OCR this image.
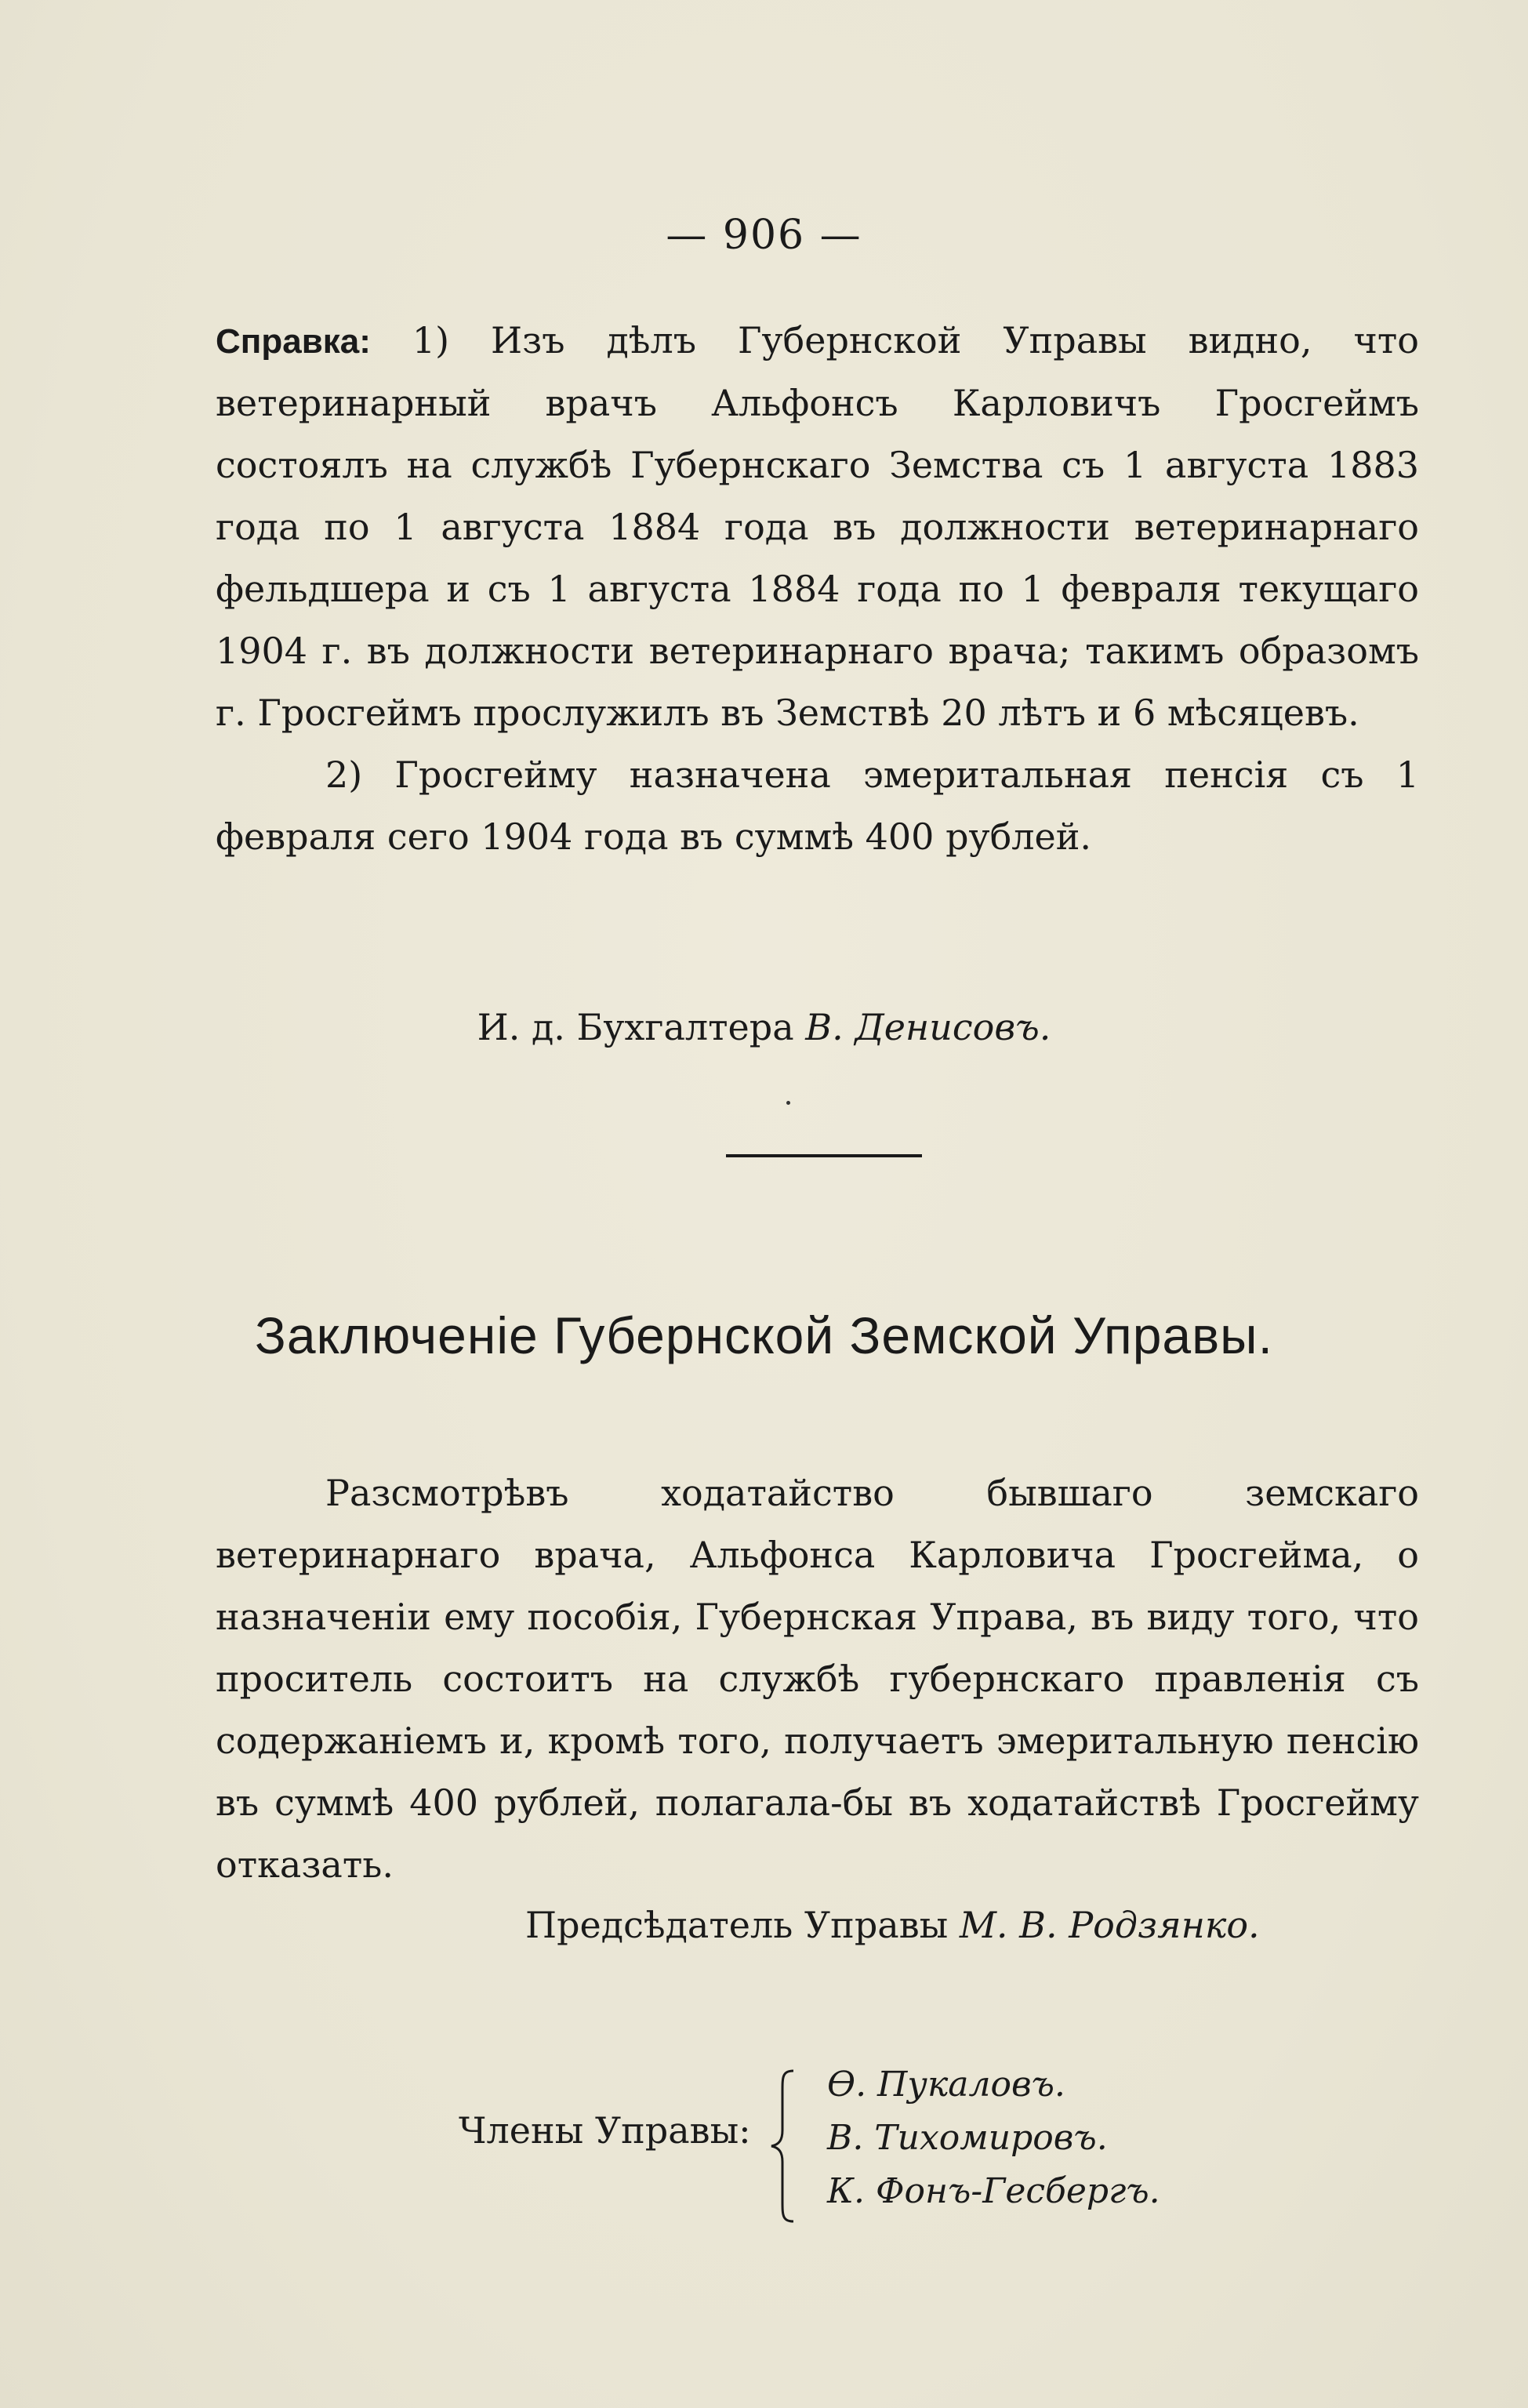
— 906 —

Справка: 1) Изъ дѣлъ Губернской Управы видно, что ветеринарный врачъ Альфонсъ Карловичъ Гросгеймъ состоялъ на службѣ Губернскаго Земства съ 1 августа 1883 года по 1 августа 1884 года въ должности ветеринарнаго фельдшера и съ 1 августа 1884 года по 1 февраля текущаго 1904 г. въ должности ветеринарнаго врача; такимъ образомъ г. Гросгеймъ прослужилъ въ Земствѣ 20 лѣтъ и 6 мѣсяцевъ.

2) Гросгейму назначена эмеритальная пенсія съ 1 февраля сего 1904 года въ суммѣ 400 рублей.

И. д. Бухгалтера В. Денисовъ.
Заключеніе Губернской Земской Управы.

Разсмотрѣвъ ходатайство бывшаго земскаго ветеринарнаго врача, Альфонса Карловича Гросгейма, о назначеніи ему пособія, Губернская Управа, въ виду того, что проситель состоитъ на службѣ губернскаго правленія съ содержаніемъ и, кромѣ того, получаетъ эмеритальную пенсію въ суммѣ 400 рублей, полагала-бы въ ходатайствѣ Гросгейму отказать.

Предсѣдатель Управы М. В. Родзянко.
Члены Управы:
Ѳ. Пукаловъ.
В. Тихомировъ.
К. Фонъ-Гесбергъ.
